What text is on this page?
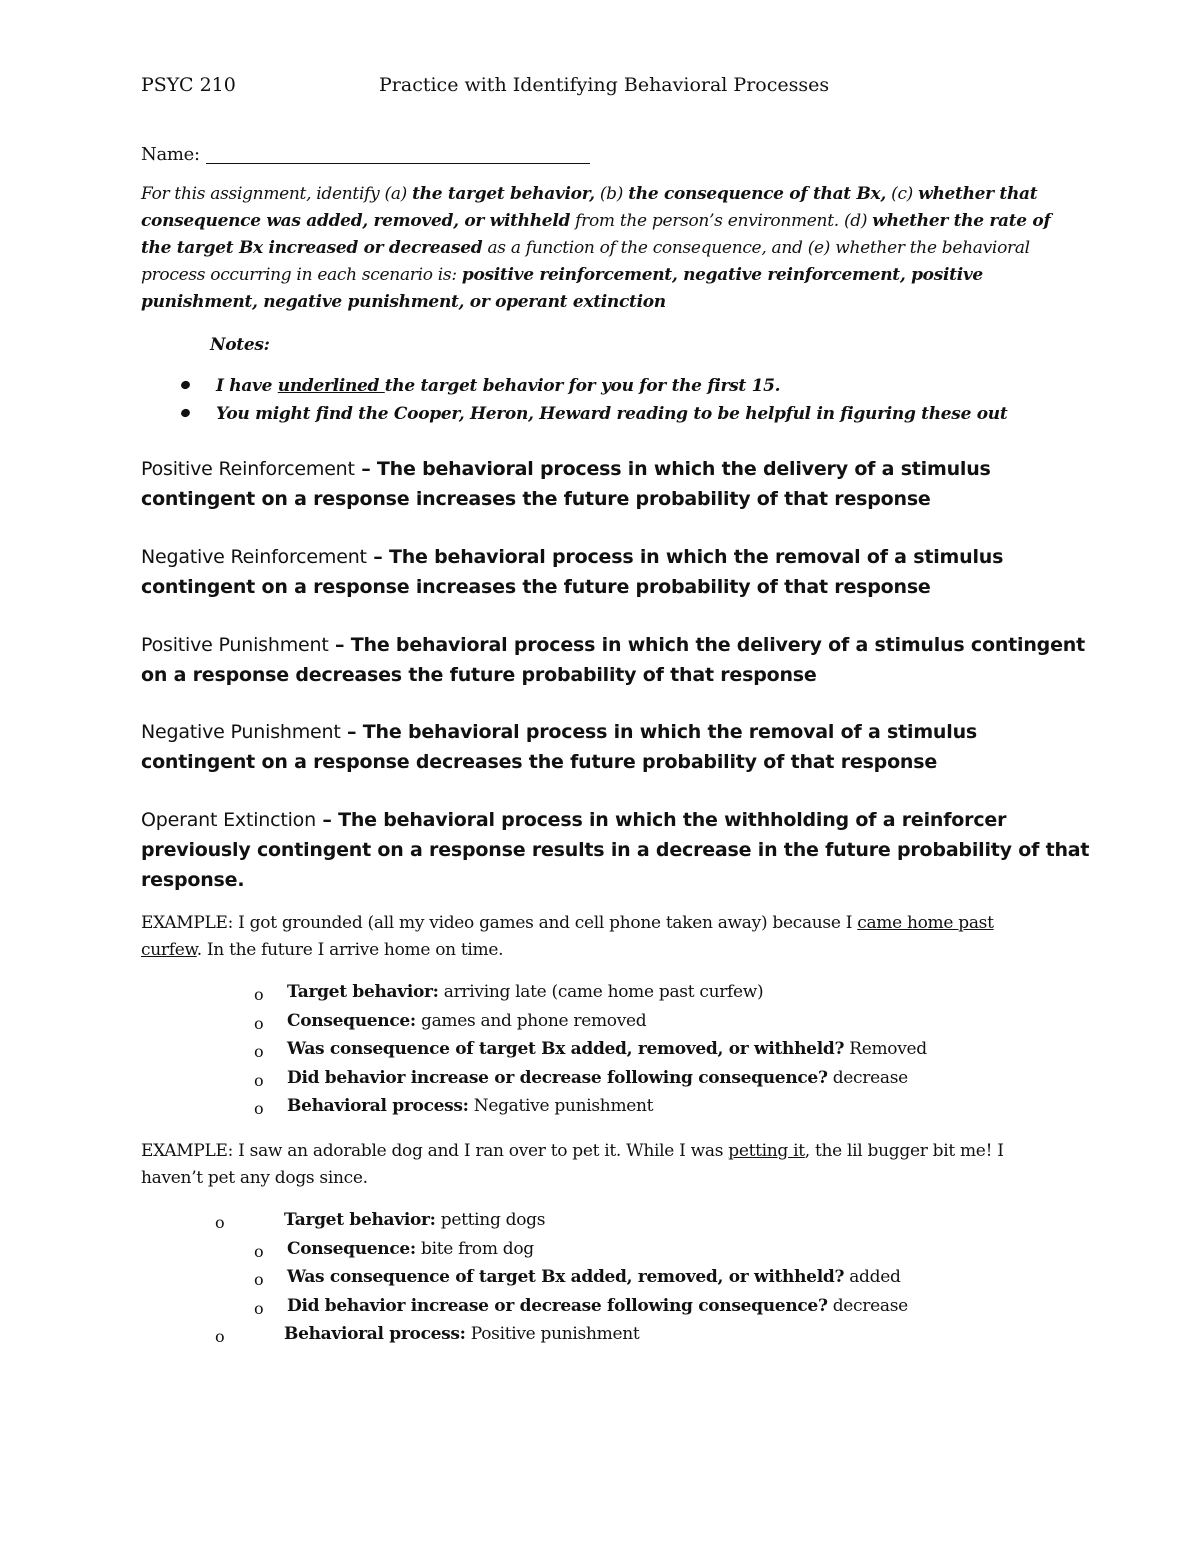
PSYC 210	Practice with Identifying Behavioral Processes
Name:
For this assignment, identify (a) the target behavior, (b) the consequence of that Bx, (c) whether that
consequence was added, removed, or withheld from the person’s environment. (d) whether the rate of
the target Bx increased or decreased as a function of the consequence, and (e) whether the behavioral
process occurring in each scenario is: positive reinforcement, negative reinforcement, positive
punishment, negative punishment, or operant extinction
Notes:
I have underlined the target behavior for you for the first 15.
You might find the Cooper, Heron, Heward reading to be helpful in figuring these out
Positive Reinforcement – The behavioral process in which the delivery of a stimulus
contingent on a response increases the future probability of that response
Negative Reinforcement – The behavioral process in which the removal of a stimulus
contingent on a response increases the future probability of that response
Positive Punishment – The behavioral process in which the delivery of a stimulus contingent
on a response decreases the future probability of that response
Negative Punishment – The behavioral process in which the removal of a stimulus
contingent on a response decreases the future probability of that response
Operant Extinction – The behavioral process in which the withholding of a reinforcer
previously contingent on a response results in a decrease in the future probability of that
response.
EXAMPLE: I got grounded (all my video games and cell phone taken away) because I came home past
curfew. In the future I arrive home on time.
o Target behavior: arriving late (came home past curfew)
o Consequence: games and phone removed
o Was consequence of target Bx added, removed, or withheld? Removed
o Did behavior increase or decrease following consequence? decrease
o Behavioral process: Negative punishment
EXAMPLE: I saw an adorable dog and I ran over to pet it. While I was petting it, the lil bugger bit me! I
haven’t pet any dogs since.
o	Target behavior: petting dogs
o Consequence: bite from dog
o Was consequence of target Bx added, removed, or withheld? added
o Did behavior increase or decrease following consequence? decrease
o	Behavioral process: Positive punishment
